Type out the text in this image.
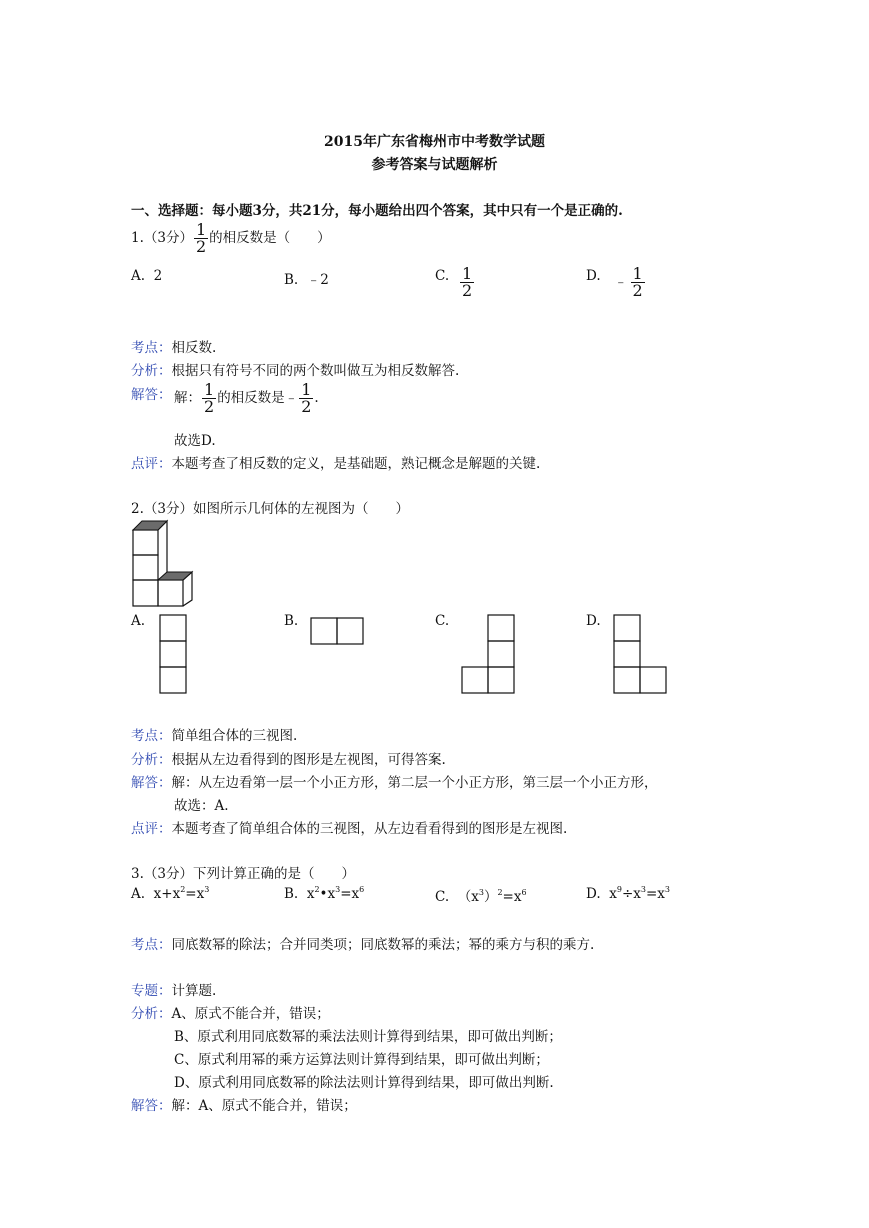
2015年广东省梅州市中考数学试题
参考答案与试题解析
一、选择题：每小题3分，共21分，每小题给出四个答案，其中只有一个是正确的.
1.（3分） $\frac{1}{2}$ 的相反数是（　　）
A. 2	B. ﹣2	C. $\frac{1}{2}$	D. ﹣ $\frac{1}{2}$
考点：相反数.
分析：根据只有符号不同的两个数叫做互为相反数解答.
解答： 解： $\frac{1}{2}$ 的相反数是﹣ $\frac{1}{2}$ .
故选D.
点评：本题考查了相反数的定义，是基础题，熟记概念是解题的关键.
2.（3分）如图所示几何体的左视图为（　　）
A.	B.	C.	D.
考点：简单组合体的三视图.
分析：根据从左边看得到的图形是左视图，可得答案.
解答：解：从左边看第一层一个小正方形，第二层一个小正方形，第三层一个小正方形，
故选：A.
点评：本题考查了简单组合体的三视图，从左边看看得到的图形是左视图.
3.（3分）下列计算正确的是（　　）
A. $x+x^2=x^3$	B. $x^2•x^3=x^6$	C. $(x^3)^2=x^6$	D. $x^9\div x^3=x^3$
考点：同底数幂的除法；合并同类项；同底数幂的乘法；幂的乘方与积的乘方.
专题：计算题.
分析：A、原式不能合并，错误；
B、原式利用同底数幂的乘法法则计算得到结果，即可做出判断；
C、原式利用幂的乘方运算法则计算得到结果，即可做出判断；
D、原式利用同底数幂的除法法则计算得到结果，即可做出判断.
解答：解：A、原式不能合并，错误；
